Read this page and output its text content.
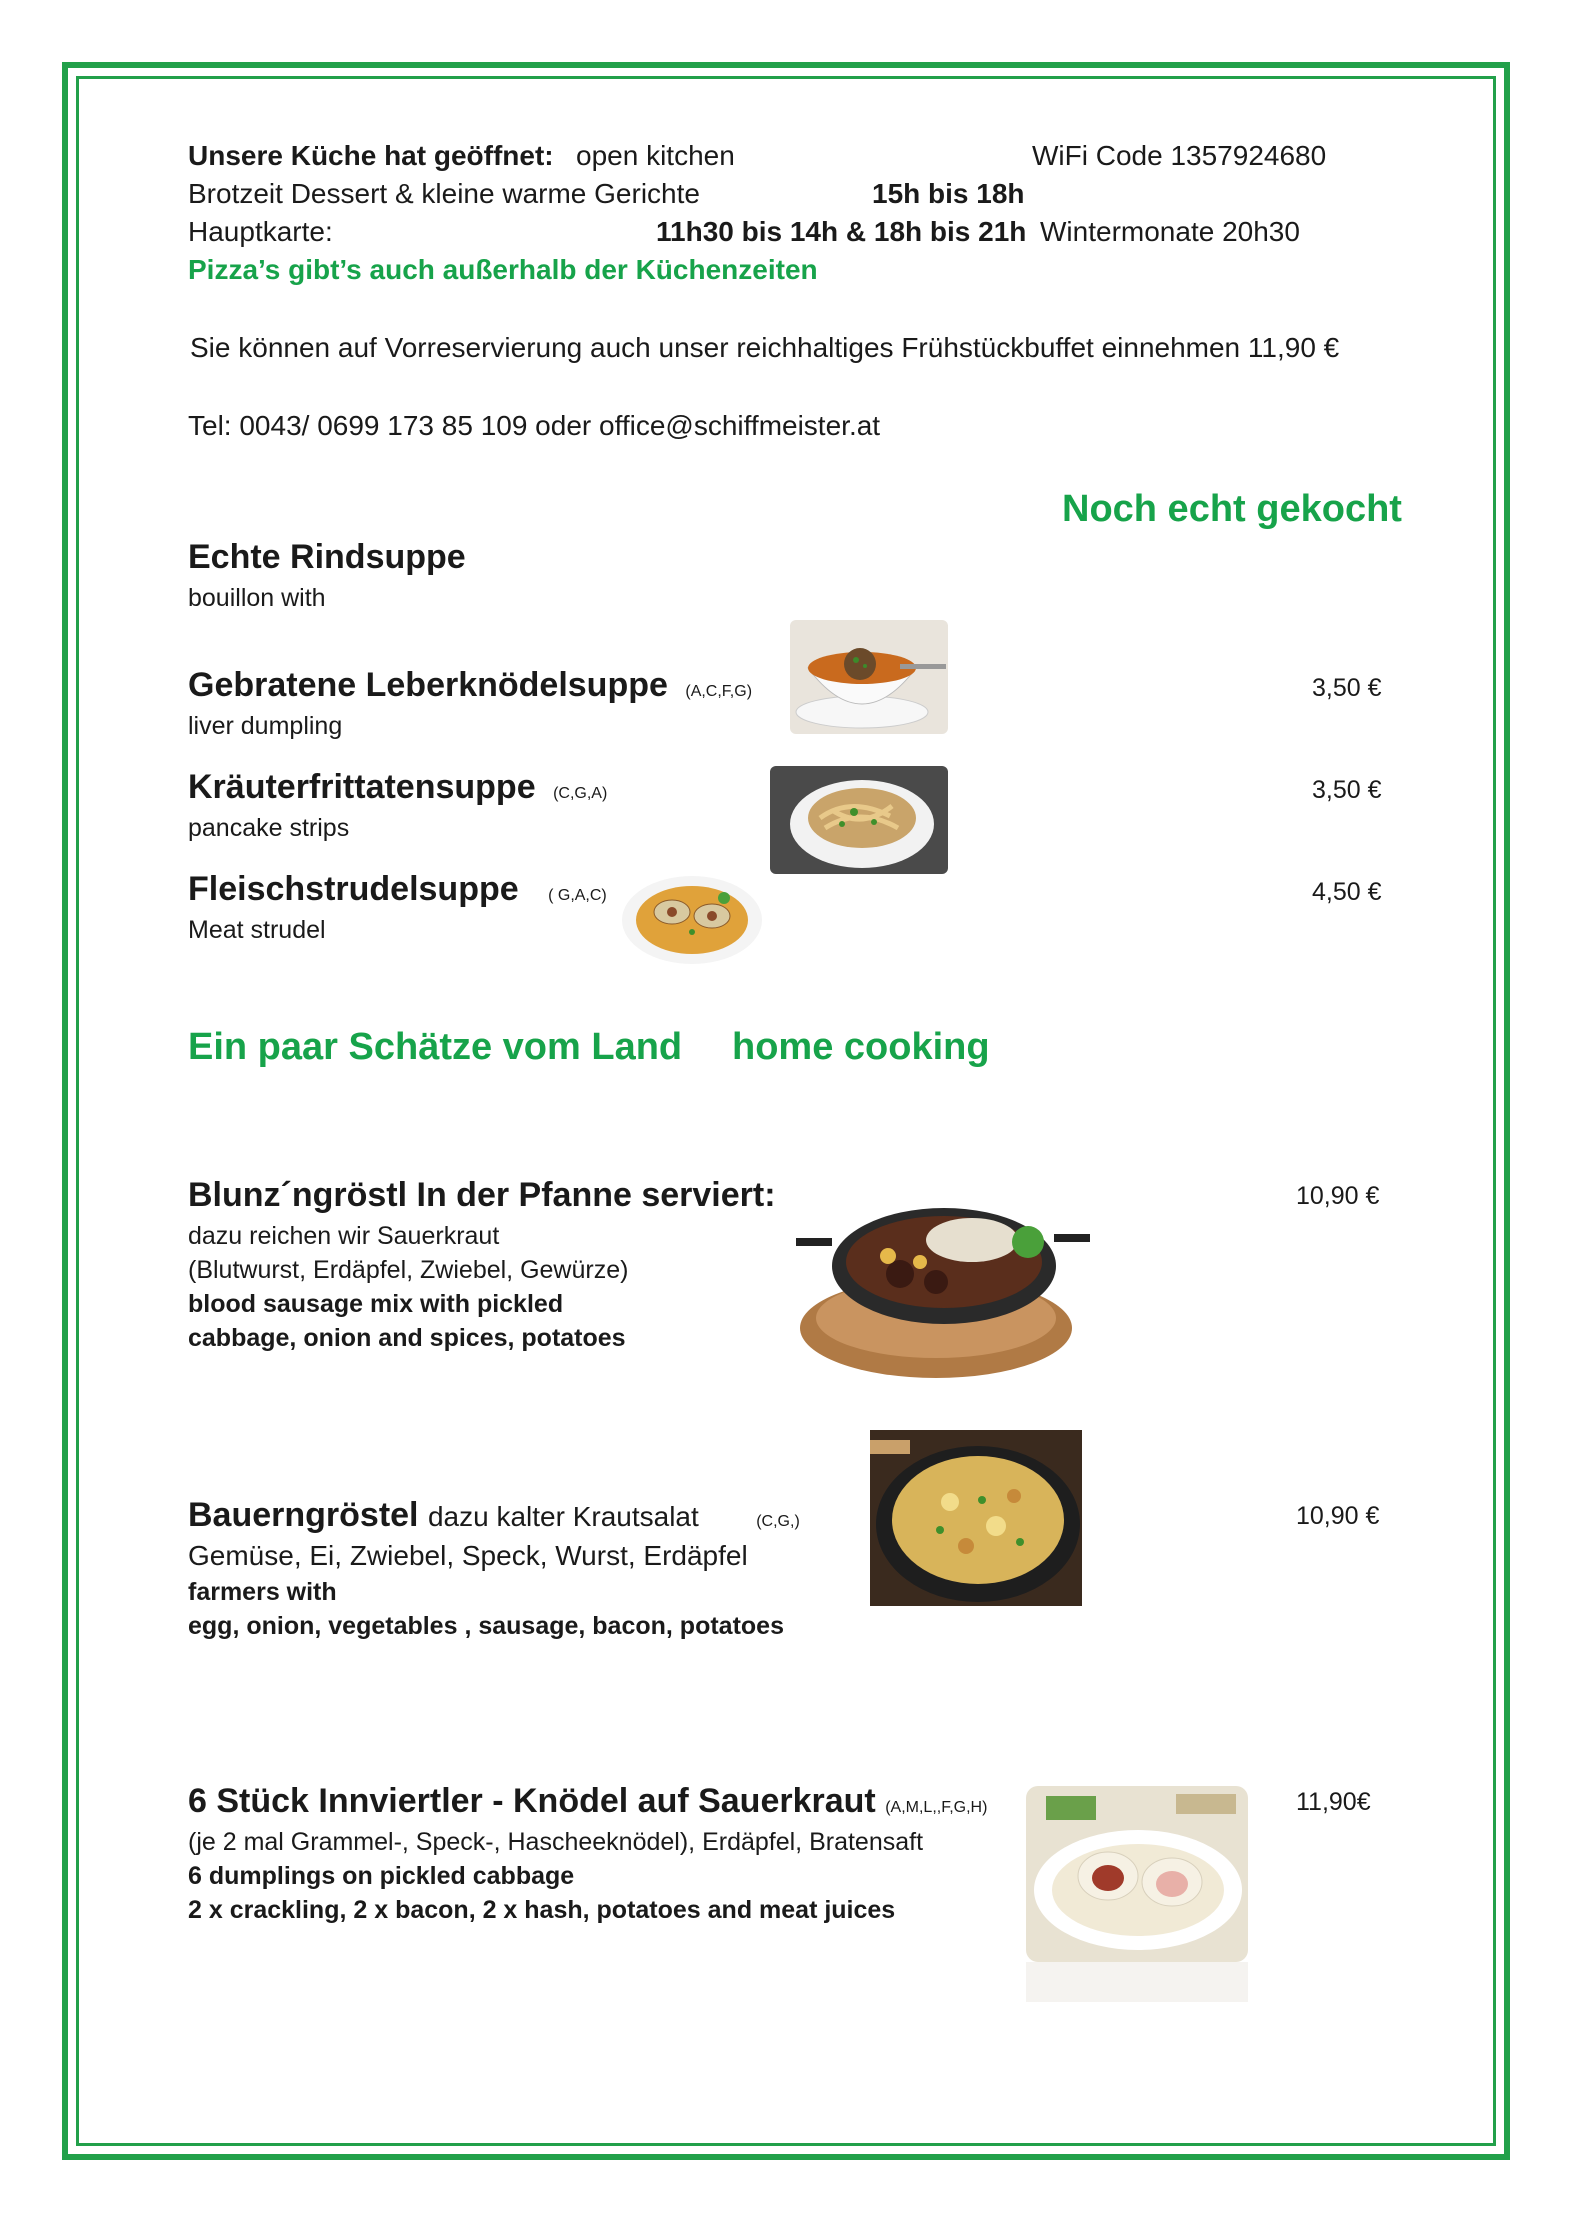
Unsere Küche hat geöffnet: open kitchen	WiFi Code 1357924680
Brotzeit Dessert & kleine warme Gerichte	15h bis 18h
Hauptkarte:	11h30 bis 14h & 18h bis 21h Wintermonate 20h30
Pizza’s gibt’s auch außerhalb der Küchenzeiten
Sie können auf Vorreservierung auch unser reichhaltiges Frühstückbuffet einnehmen 11,90 €
Tel: 0043/ 0699 173 85 109 oder office@schiffmeister.at
Noch echt gekocht
Echte Rindsuppe
bouillon with
Gebratene Leberknödelsuppe (A,C,F,G)
liver dumpling
3,50 €
Kräuterfrittatensuppe (C,G,A)
pancake strips
3,50 €
Fleischstrudelsuppe ( G,A,C)
Meat strudel
4,50 €
Ein paar Schätze vom Land home cooking
Blunz´ngröstl In der Pfanne serviert:
dazu reichen wir Sauerkraut
(Blutwurst, Erdäpfel, Zwiebel, Gewürze)
blood sausage mix with pickled
cabbage, onion and spices, potatoes
10,90 €
Bauerngröstel dazu kalter Krautsalat	(C,G,)
Gemüse, Ei, Zwiebel, Speck, Wurst, Erdäpfel
farmers with
egg, onion, vegetables , sausage, bacon, potatoes
10,90 €
6 Stück Innviertler - Knödel auf Sauerkraut (A,M,L,,F,G,H)
(je 2 mal Grammel-, Speck-, Hascheeknödel), Erdäpfel, Bratensaft
6 dumplings on pickled cabbage
2 x crackling, 2 x bacon, 2 x hash, potatoes and meat juices
11,90€
